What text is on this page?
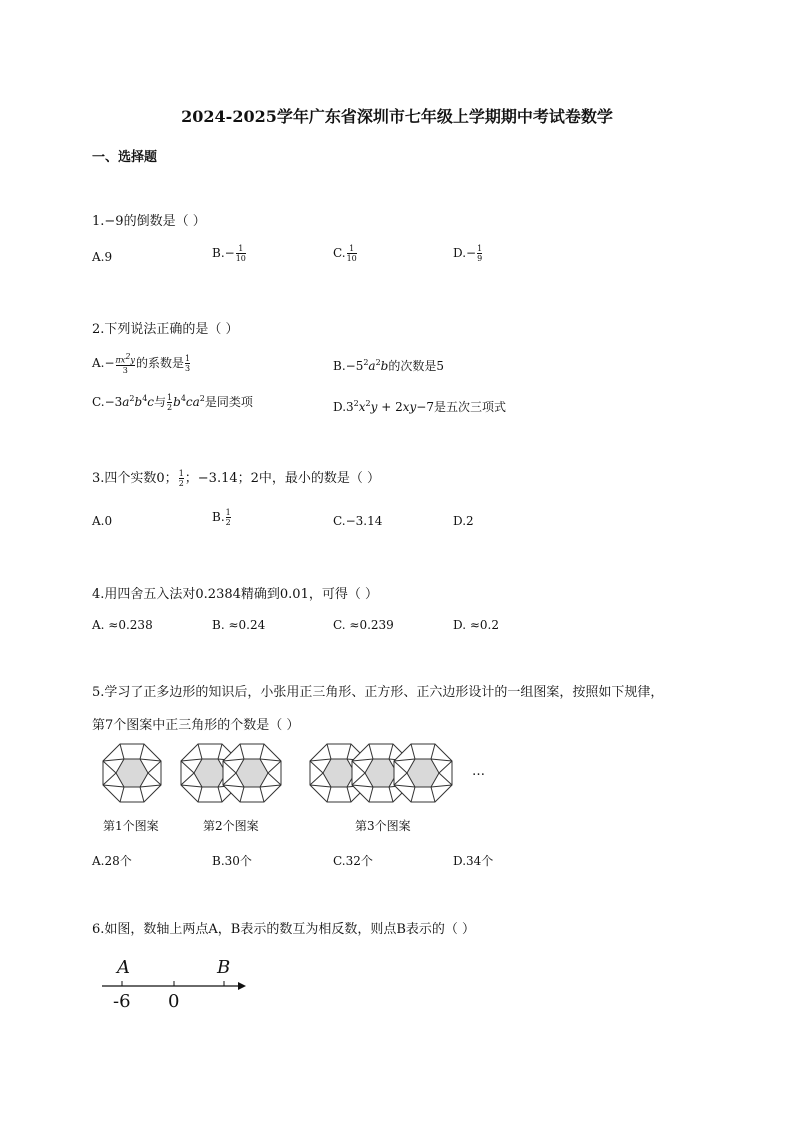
2024-2025学年广东省深圳市七年级上学期期中考试卷数学
一、选择题
1.−9的倒数是（ ）
A.9	$B.- \frac{1}{10}$	C. $\frac{1}{10}$	$D.- \frac{1}{9}$
2.下列说法正确的是（ ）
$A.- \frac{\pi x^2y}{3}$ 的系数是 $\frac{1}{3}$	$B.-5^2a^2b$的次数是5
$C.-3a^2b^4c$与 $\frac{1}{2} b^4ca^2$是同类项	$D.3^2x^2y + 2xy-7$是五次三项式
3.四个实数0； $\frac{1}{2}$ ；−3.14；2中，最小的数是（ ）
A.0	B. $\frac{1}{2}$	C.−3.14	D.2
4.用四舍五入法对0.2384精确到0.01，可得（ ）
A. ≈0.238	B. ≈0.24	C. ≈0.239	D. ≈0.2
5.学习了正多边形的知识后，小张用正三角形、正方形、正六边形设计的一组图案，按照如下规律，
第7个图案中正三角形的个数是（ ）
…
第1个图案	第2个图案	第3个图案
A.28个	B.30个	C.32个	D.34个
6.如图，数轴上两点A，B表示的数互为相反数，则点B表示的（ ）
A	B
-6 0
